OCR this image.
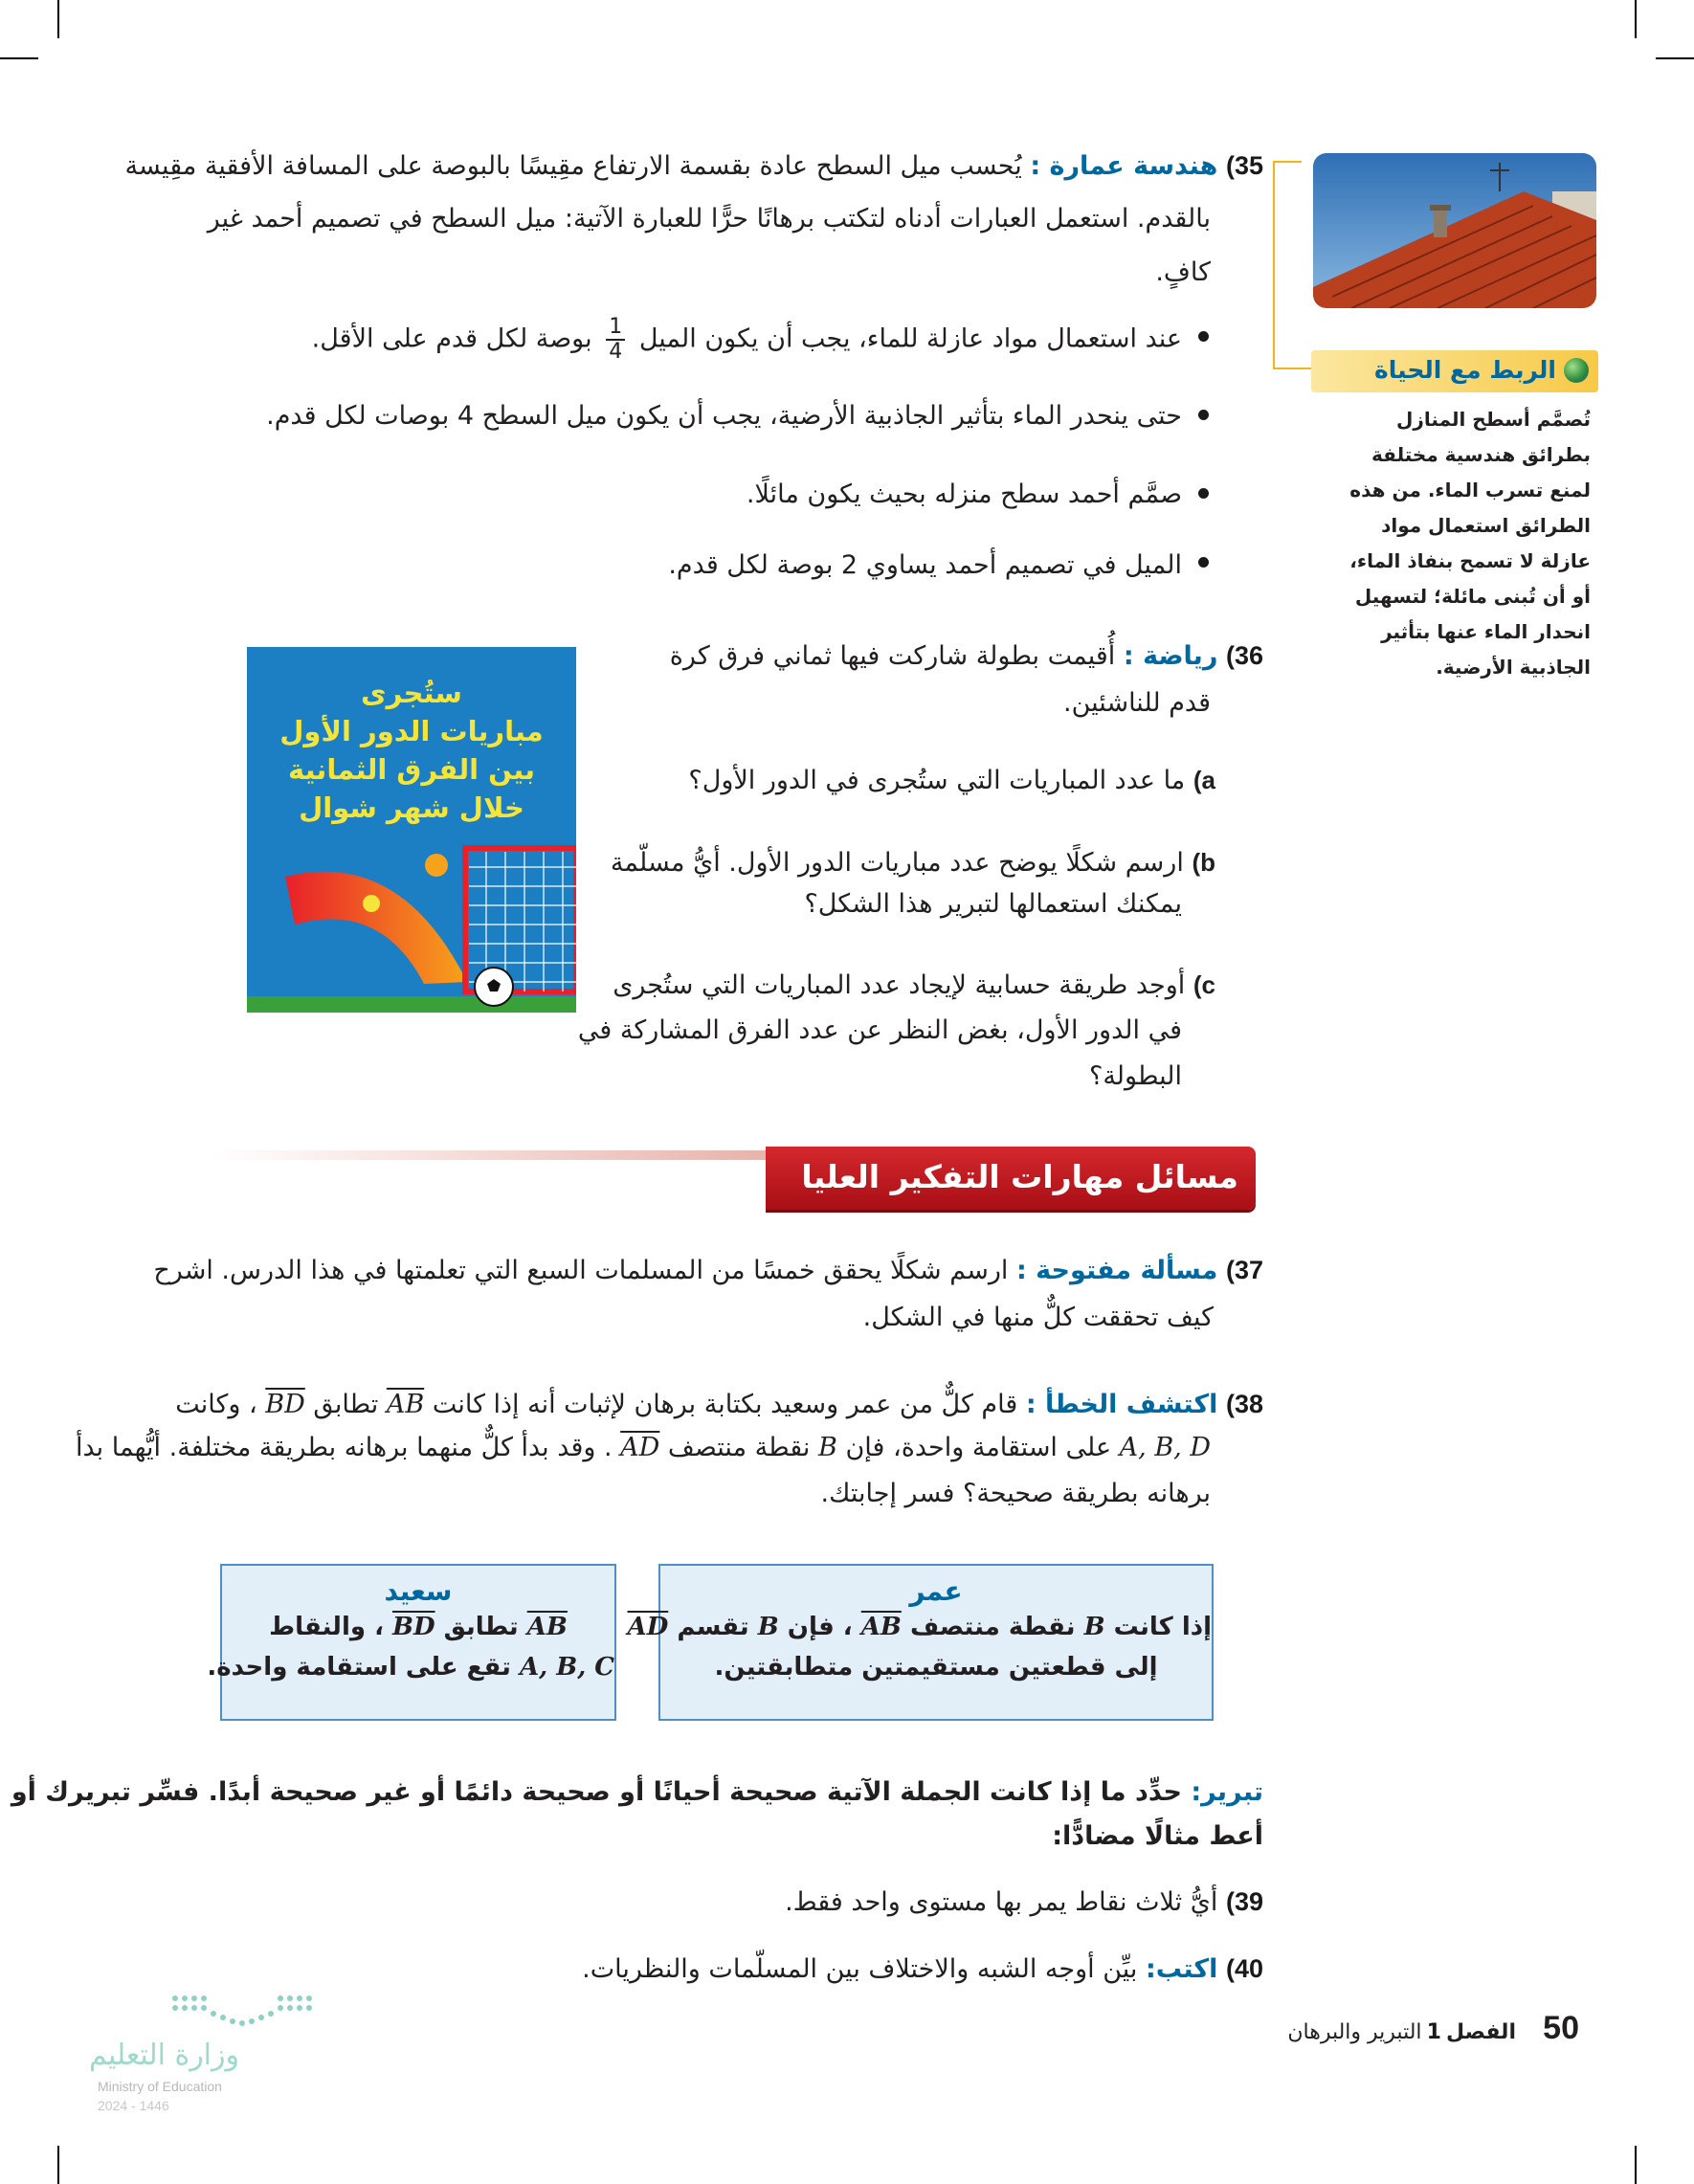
الربط مع الحياة
تُصمَّم أسطح المنازل
بطرائق هندسية مختلفة
لمنع تسرب الماء. من هذه
الطرائق استعمال مواد
عازلة لا تسمح بنفاذ الماء،
أو أن تُبنى مائلة؛ لتسهيل
انحدار الماء عنها بتأثير
الجاذبية الأرضية.
35) هندسة عمارة : يُحسب ميل السطح عادة بقسمة الارتفاع مقِيسًا بالبوصة على المسافة الأفقية مقِيسة
بالقدم. استعمل العبارات أدناه لتكتب برهانًا حرًّا للعبارة الآتية: ميل السطح في تصميم أحمد غير
كافٍ.
عند استعمال مواد عازلة للماء، يجب أن يكون الميل
$\frac{1}{4}$
بوصة لكل قدم على الأقل.
حتى ينحدر الماء بتأثير الجاذبية الأرضية، يجب أن يكون ميل السطح 4 بوصات لكل قدم.
صمَّم أحمد سطح منزله بحيث يكون مائلًا.
الميل في تصميم أحمد يساوي 2 بوصة لكل قدم.
ستُجرى
مباريات الدور الأول
بين الفرق الثمانية
خلال شهر شوال
36) رياضة : أُقيمت بطولة شاركت فيها ثماني فرق كرة
قدم للناشئين.
a) ما عدد المباريات التي ستُجرى في الدور الأول؟
b) ارسم شكلًا يوضح عدد مباريات الدور الأول. أيُّ مسلّمة
يمكنك استعمالها لتبرير هذا الشكل؟
c) أوجد طريقة حسابية لإيجاد عدد المباريات التي ستُجرى
في الدور الأول، بغض النظر عن عدد الفرق المشاركة في
البطولة؟
مسائل مهارات التفكير العليا
37) مسألة مفتوحة : ارسم شكلًا يحقق خمسًا من المسلمات السبع التي تعلمتها في هذا الدرس. اشرح
كيف تحققت كلٌّ منها في الشكل.
38) اكتشف الخطأ : قام كلٌّ من عمر وسعيد بكتابة برهان لإثبات أنه إذا كانت $\overline{AB}$ تطابق $\overline{BD}$ ، وكانت
A, B, D على استقامة واحدة، فإن B نقطة منتصف $\overline{AD}$ . وقد بدأ كلٌّ منهما برهانه بطريقة مختلفة. أيُّهما بدأ
برهانه بطريقة صحيحة؟ فسر إجابتك.
عمر
إذا كانت B نقطة منتصف $\overline{AB}$ ، فإن B تقسم $\overline{AD}$
إلى قطعتين مستقيمتين متطابقتين.
سعيد
$\overline{AB}$ تطابق $\overline{BD}$ ، والنقاط
A, B, C تقع على استقامة واحدة.
تبرير: حدِّد ما إذا كانت الجملة الآتية صحيحة أحيانًا أو صحيحة دائمًا أو غير صحيحة أبدًا. فسِّر تبريرك أو
أعط مثالًا مضادًّا:
39) أيُّ ثلاث نقاط يمر بها مستوى واحد فقط.
40) اكتب: بيِّن أوجه الشبه والاختلاف بين المسلّمات والنظريات.
50  الفصل 1 التبرير والبرهان
وزارة التعليم
Ministry of Education
2024 - 1446
